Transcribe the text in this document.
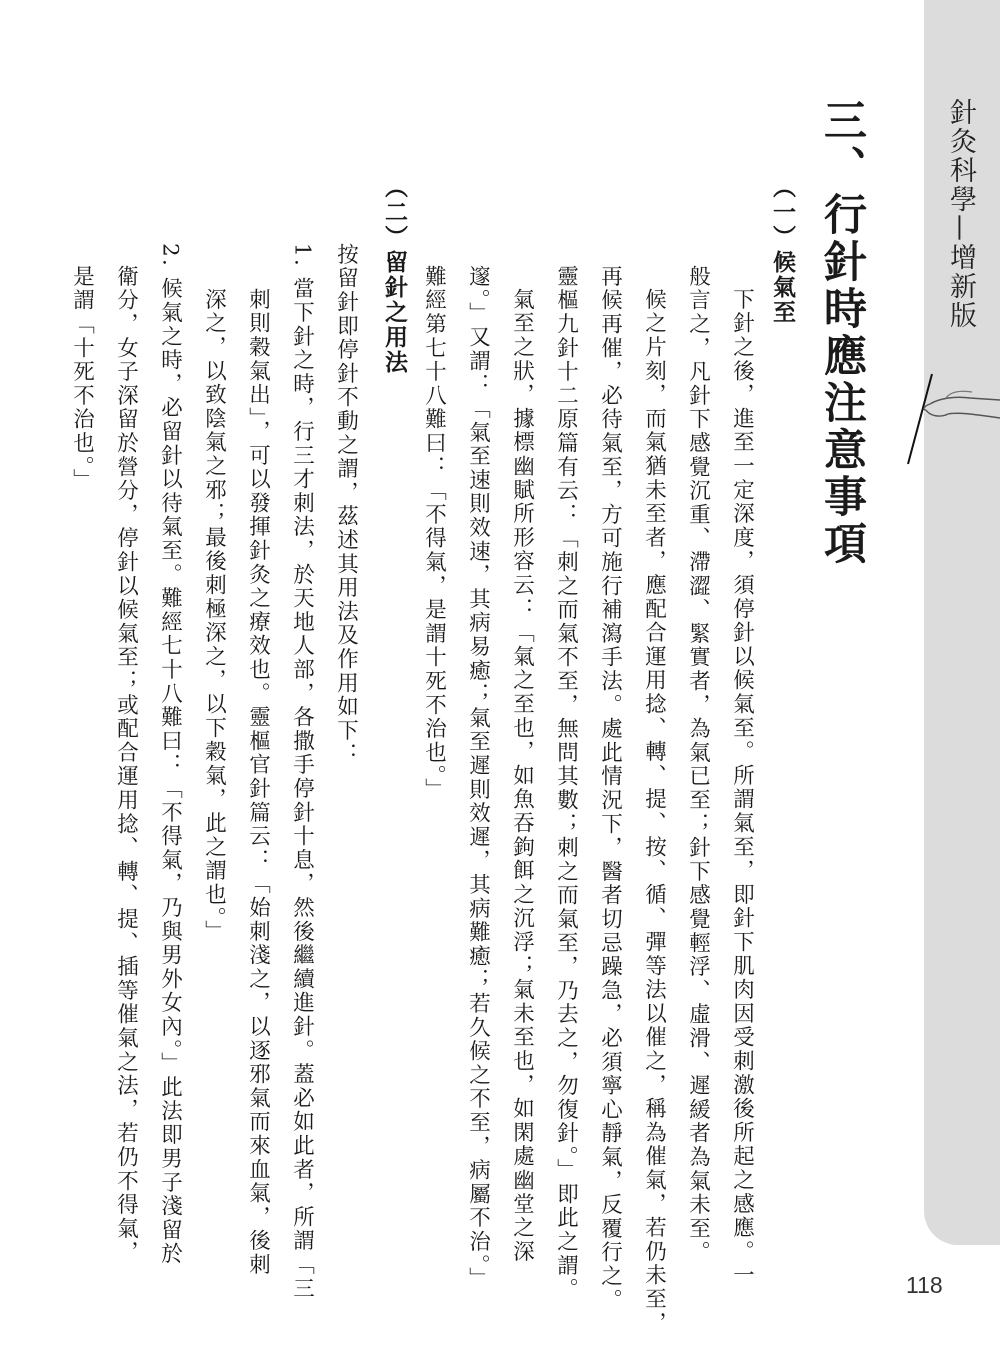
針灸科學—增新版
三、行針時應注意事項
（一）候氣至
下針之後，進至一定深度，須停針以候氣至。所謂氣至，即針下肌肉因受刺激後所起之感應。一
般言之，凡針下感覺沉重、滯澀、緊實者，為氣已至；針下感覺輕浮、虛滑、遲緩者為氣未至。
候之片刻，而氣猶未至者，應配合運用捻、轉、提、按、循、彈等法以催之，稱為催氣，若仍未至，
再候再催，必待氣至，方可施行補瀉手法。處此情況下，醫者切忌躁急，必須寧心靜氣，反覆行之。
靈樞九針十二原篇有云：「刺之而氣不至，無問其數；刺之而氣至，乃去之，勿復針。」即此之謂。
氣至之狀，據標幽賦所形容云：「氣之至也，如魚吞鉤餌之沉浮；氣未至也，如閑處幽堂之深
邃。」又謂：「氣至速則效速，其病易癒；氣至遲則效遲，其病難癒；若久候之不至，病屬不治。」
難經第七十八難曰：「不得氣，是謂十死不治也。」
（二）留針之用法
按留針即停針不動之謂，茲述其用法及作用如下：
1. 當下針之時，行三才刺法，於天地人部，各撒手停針十息，然後繼續進針。蓋必如此者，所謂「三
刺則穀氣出」，可以發揮針灸之療效也。靈樞官針篇云：「始刺淺之，以逐邪氣而來血氣，後刺
深之，以致陰氣之邪；最後刺極深之，以下穀氣，此之謂也。」
2. 候氣之時，必留針以待氣至。難經七十八難曰：「不得氣，乃與男外女內。」此法即男子淺留於
衛分，女子深留於營分，停針以候氣至；或配合運用捻、轉、提、插等催氣之法，若仍不得氣，
是謂「十死不治也。」
118
